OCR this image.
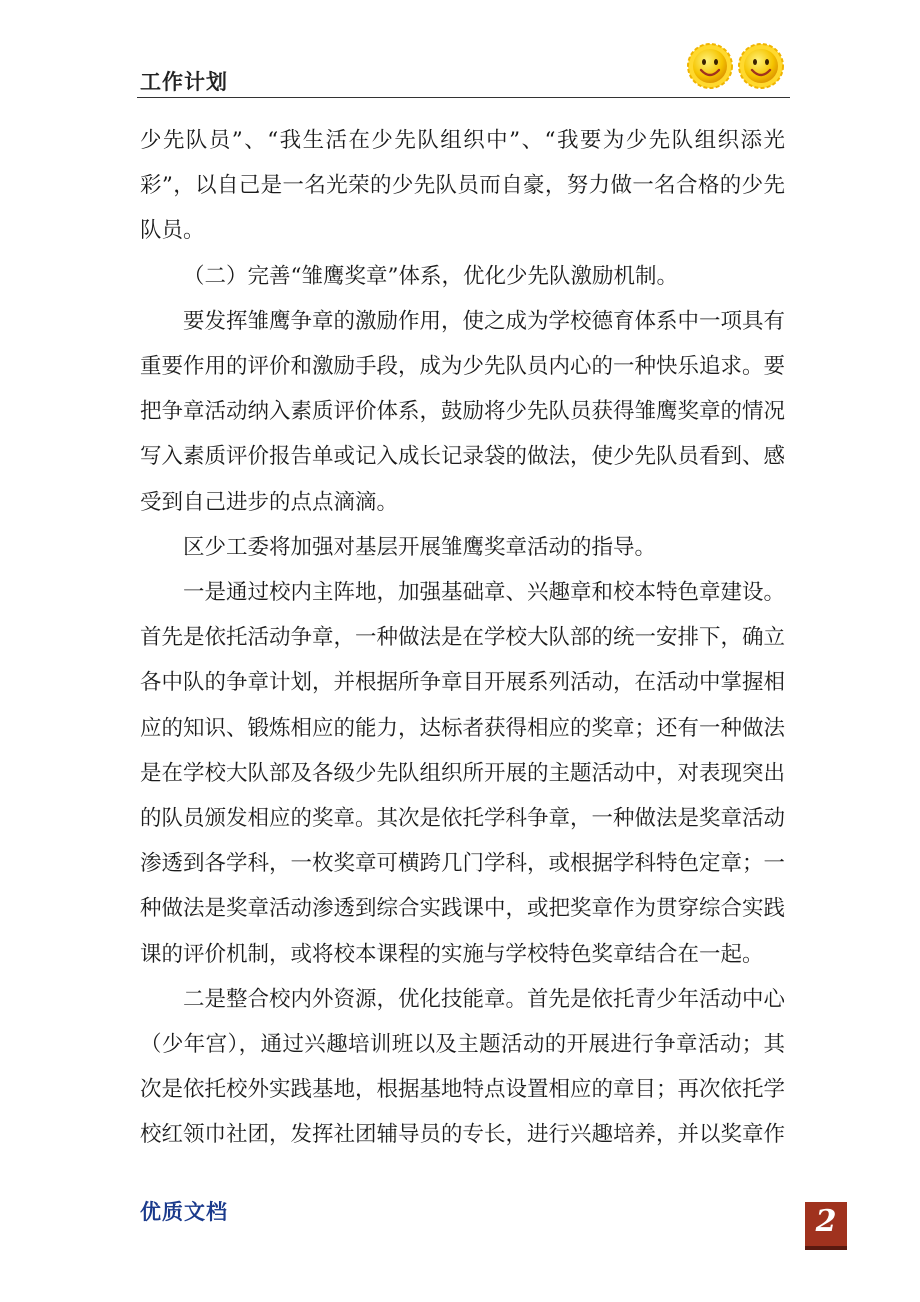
工作计划

少先队员”、“我生活在少先队组织中”、“我要为少先队组织添光彩”，以自己是一名光荣的少先队员而自豪，努力做一名合格的少先队员。

（二）完善“雏鹰奖章”体系，优化少先队激励机制。

要发挥雏鹰争章的激励作用，使之成为学校德育体系中一项具有重要作用的评价和激励手段，成为少先队员内心的一种快乐追求。要把争章活动纳入素质评价体系，鼓励将少先队员获得雏鹰奖章的情况写入素质评价报告单或记入成长记录袋的做法，使少先队员看到、感受到自己进步的点点滴滴。

区少工委将加强对基层开展雏鹰奖章活动的指导。

一是通过校内主阵地，加强基础章、兴趣章和校本特色章建设。首先是依托活动争章，一种做法是在学校大队部的统一安排下，确立各中队的争章计划，并根据所争章目开展系列活动，在活动中掌握相应的知识、锻炼相应的能力，达标者获得相应的奖章；还有一种做法是在学校大队部及各级少先队组织所开展的主题活动中，对表现突出的队员颁发相应的奖章。其次是依托学科争章，一种做法是奖章活动渗透到各学科，一枚奖章可横跨几门学科，或根据学科特色定章；一种做法是奖章活动渗透到综合实践课中，或把奖章作为贯穿综合实践课的评价机制，或将校本课程的实施与学校特色奖章结合在一起。

二是整合校内外资源，优化技能章。首先是依托青少年活动中心（少年宫），通过兴趣培训班以及主题活动的开展进行争章活动；其次是依托校外实践基地，根据基地特点设置相应的章目；再次依托学校红领巾社团，发挥社团辅导员的专长，进行兴趣培养，并以奖章作

优质文档	2
